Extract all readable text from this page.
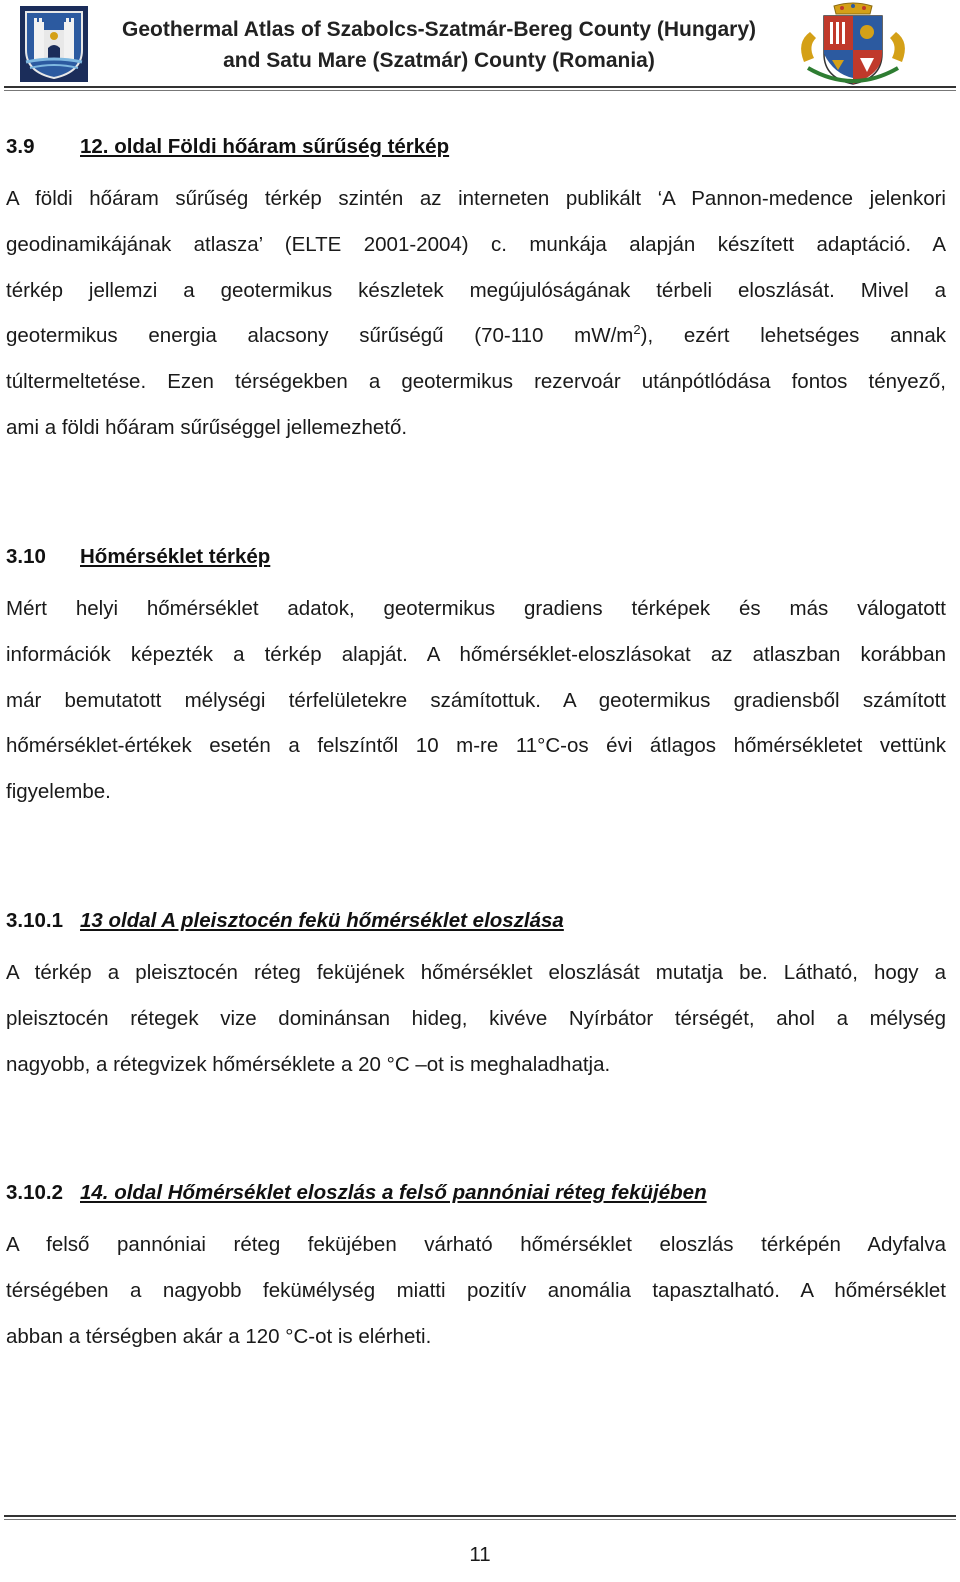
Geothermal Atlas of Szabolcs-Szatmár-Bereg County (Hungary)
and Satu Mare (Szatmár) County (Romania)
3.9 12. oldal Földi hőáram sűrűség térkép
A földi hőáram sűrűség térkép szintén az interneten publikált ‘A Pannon-medence jelenkori
geodinamikájának atlasza’ (ELTE 2001-2004) c. munkája alapján készített adaptáció. A
térkép jellemzi a geotermikus készletek megújulóságának térbeli eloszlását. Mivel a
geotermikus energia alacsony sűrűségű (70-110 $mW/m^2$), ezért lehetséges annak
túltermeltetése. Ezen térségekben a geotermikus rezervoár utánpótlódása fontos tényező,
ami a földi hőáram sűrűséggel jellemezhető.
3.10 Hőmérséklet térkép
Mért helyi hőmérséklet adatok, geotermikus gradiens térképek és más válogatott
információk képezték a térkép alapját. A hőmérséklet-eloszlásokat az atlaszban korábban
már bemutatott mélységi térfelületekre számítottuk. A geotermikus gradiensből számított
hőmérséklet-értékek esetén a felszíntől 10 m-re 11°C-os évi átlagos hőmérsékletet vettünk
figyelembe.
3.10.1 13 oldal A pleisztocén fekü hőmérséklet eloszlása
A térkép a pleisztocén réteg feküjének hőmérséklet eloszlását mutatja be. Látható, hogy a
pleisztocén rétegek vize dominánsan hideg, kivéve Nyírbátor térségét, ahol a mélység
nagyobb, a rétegvizek hőmérséklete a 20 °C –ot is meghaladhatja.
3.10.2 14. oldal Hőmérséklet eloszlás a felső pannóniai réteg feküjében
A felső pannóniai réteg feküjében várható hőmérséklet eloszlás térképén Adyfalva
térségében a nagyobb feküмélység miatti pozitív anomália tapasztalható. A hőmérséklet
abban a térségben akár a 120 °C-ot is elérheti.
11
